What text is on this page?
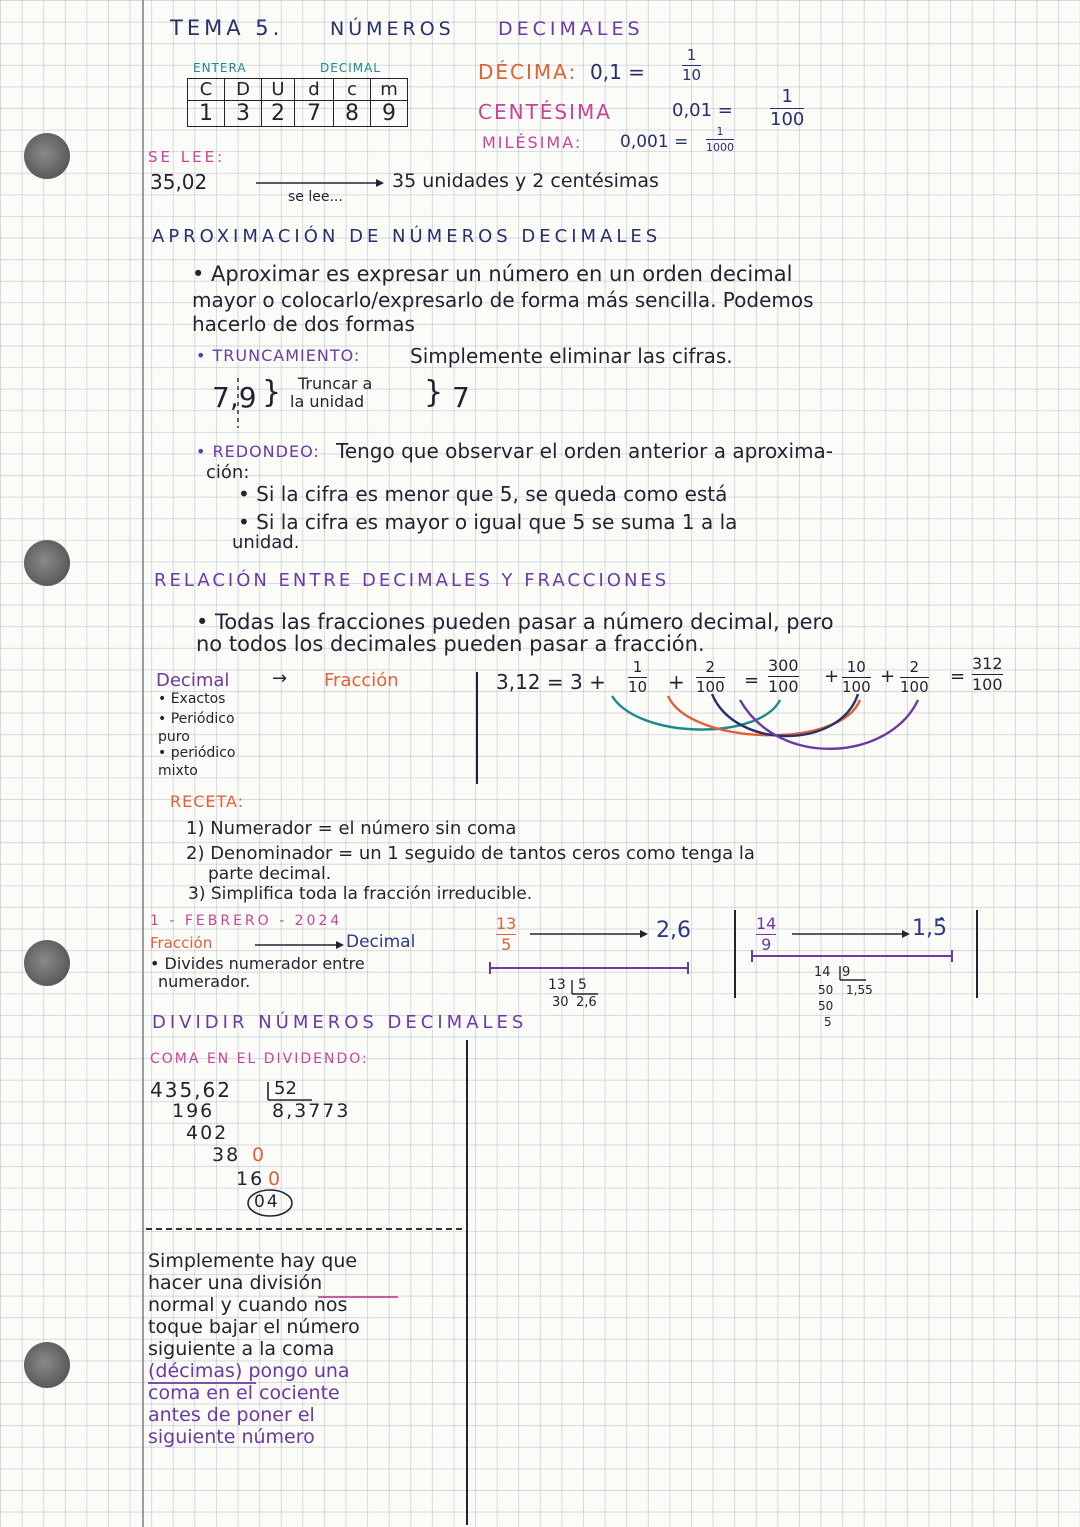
TEMA 5. NÚMEROS DECIMALES
ENTERA	DECIMAL
C	D	U	d	c	m
1	3	2	7	8	9
DÉCIMA: 0,1 =
1
10
CENTÉSIMA	0,01 =
1
100
MILÉSIMA: 0,001 =
1
1000
SE LEE:
35,02
se lee...
35 unidades y 2 centésimas
APROXIMACIÓN DE NÚMEROS DECIMALES
• Aproximar es expresar un número en un orden decimal
mayor o colocarlo/expresarlo de forma más sencilla. Podemos
hacerlo de dos formas
• TRUNCAMIENTO: Simplemente eliminar las cifras.
7,9 } Truncar a
la unidad } 7
• REDONDEO: Tengo que observar el orden anterior a aproxima-
ción:
• Si la cifra es menor que 5, se queda como está
• Si la cifra es mayor o igual que 5 se suma 1 a la
unidad.
RELACIÓN ENTRE DECIMALES Y FRACCIONES
• Todas las fracciones pueden pasar a número decimal, pero
no todos los decimales pueden pasar a fracción.
Decimal → Fracción
• Exactos
• Periódico
puro
• periódico
mixto
3,12 = 3 +
1
10 +
2
100 =
300
100 + 10
100 + 2
100 =
312
100
RECETA:
1) Numerador = el número sin coma
2) Denominador = un 1 seguido de tantos ceros como tenga la
parte decimal.
3) Simplifica toda la fracción irreducible.
1 - FEBRERO - 2024
Fracción	Decimal
• Divides numerador entre
numerador.
13
5
2,6
13 5
30 2,6
14
9
1,5̂
14 9
50 1,55
50
5
DIVIDIR NÚMEROS DECIMALES
COMA EN EL DIVIDENDO:
435,62 52
8,3773
196
402
38 0
16 0
04
Simplemente hay que
hacer una división
normal y cuando nos
toque bajar el número
siguiente a la coma
(décimas) pongo una
coma en el cociente
antes de poner el
siguiente número
